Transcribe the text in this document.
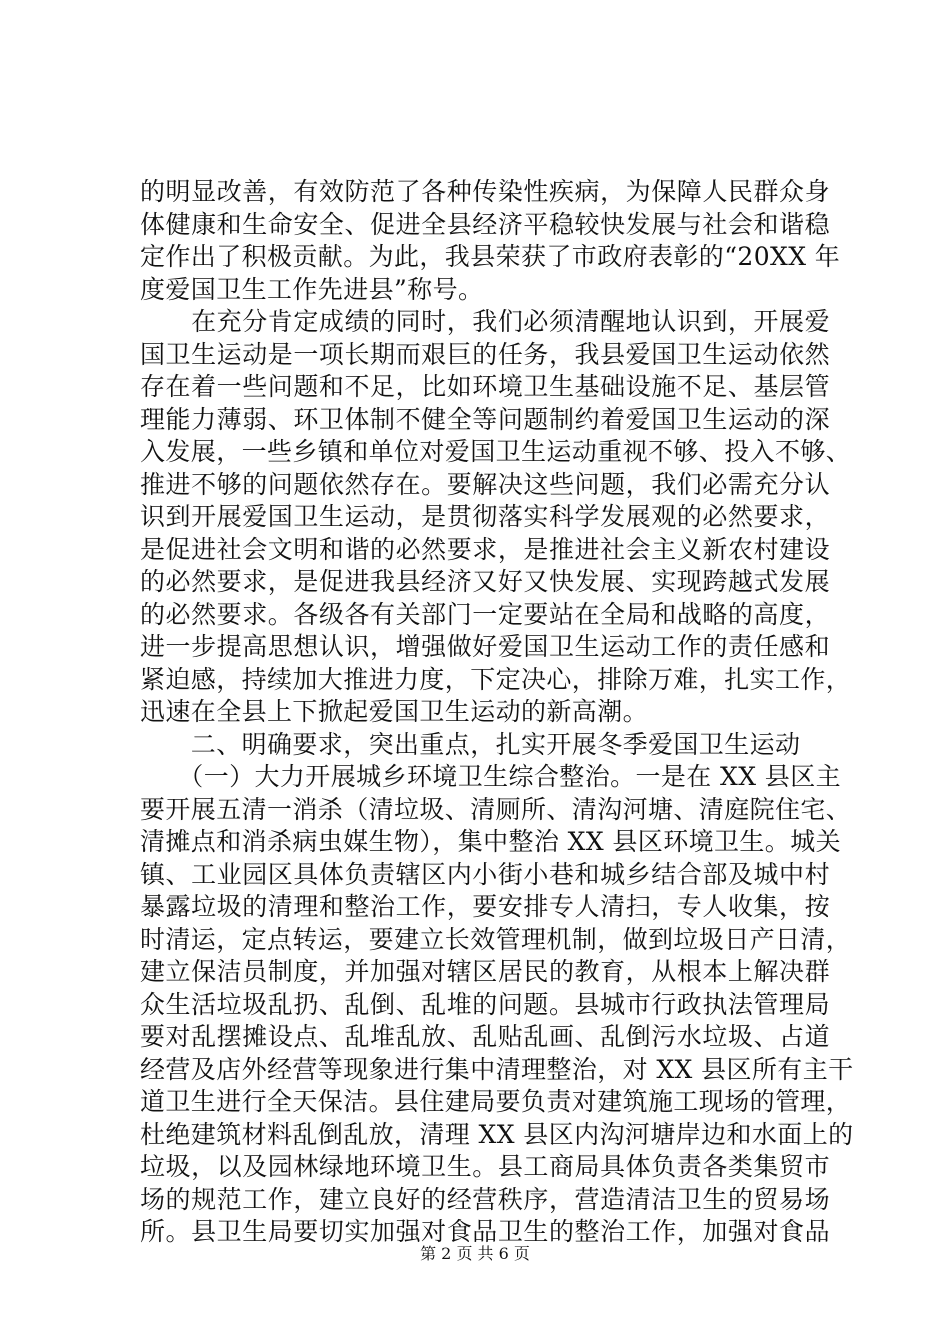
的明显改善，有效防范了各种传染性疾病，为保障人民群众身
体健康和生命安全、促进全县经济平稳较快发展与社会和谐稳
定作出了积极贡献。为此，我县荣获了市政府表彰的“20XX 年
度爱国卫生工作先进县”称号。
　　在充分肯定成绩的同时，我们必须清醒地认识到，开展爱
国卫生运动是一项长期而艰巨的任务，我县爱国卫生运动依然
存在着一些问题和不足，比如环境卫生基础设施不足、基层管
理能力薄弱、环卫体制不健全等问题制约着爱国卫生运动的深
入发展，一些乡镇和单位对爱国卫生运动重视不够、投入不够、
推进不够的问题依然存在。要解决这些问题，我们必需充分认
识到开展爱国卫生运动，是贯彻落实科学发展观的必然要求，
是促进社会文明和谐的必然要求，是推进社会主义新农村建设
的必然要求，是促进我县经济又好又快发展、实现跨越式发展
的必然要求。各级各有关部门一定要站在全局和战略的高度，
进一步提高思想认识，增强做好爱国卫生运动工作的责任感和
紧迫感，持续加大推进力度，下定决心，排除万难，扎实工作，
迅速在全县上下掀起爱国卫生运动的新高潮。
　　二、明确要求，突出重点，扎实开展冬季爱国卫生运动
　　（一）大力开展城乡环境卫生综合整治。一是在 XX 县区主
要开展五清一消杀（清垃圾、清厕所、清沟河塘、清庭院住宅、
清摊点和消杀病虫媒生物），集中整治 XX 县区环境卫生。城关
镇、工业园区具体负责辖区内小街小巷和城乡结合部及城中村
暴露垃圾的清理和整治工作，要安排专人清扫，专人收集，按
时清运，定点转运，要建立长效管理机制，做到垃圾日产日清，
建立保洁员制度，并加强对辖区居民的教育，从根本上解决群
众生活垃圾乱扔、乱倒、乱堆的问题。县城市行政执法管理局
要对乱摆摊设点、乱堆乱放、乱贴乱画、乱倒污水垃圾、占道
经营及店外经营等现象进行集中清理整治，对 XX 县区所有主干
道卫生进行全天保洁。县住建局要负责对建筑施工现场的管理，
杜绝建筑材料乱倒乱放，清理 XX 县区内沟河塘岸边和水面上的
垃圾，以及园林绿地环境卫生。县工商局具体负责各类集贸市
场的规范工作，建立良好的经营秩序，营造清洁卫生的贸易场
所。县卫生局要切实加强对食品卫生的整治工作，加强对食品
第 2 页 共 6 页
